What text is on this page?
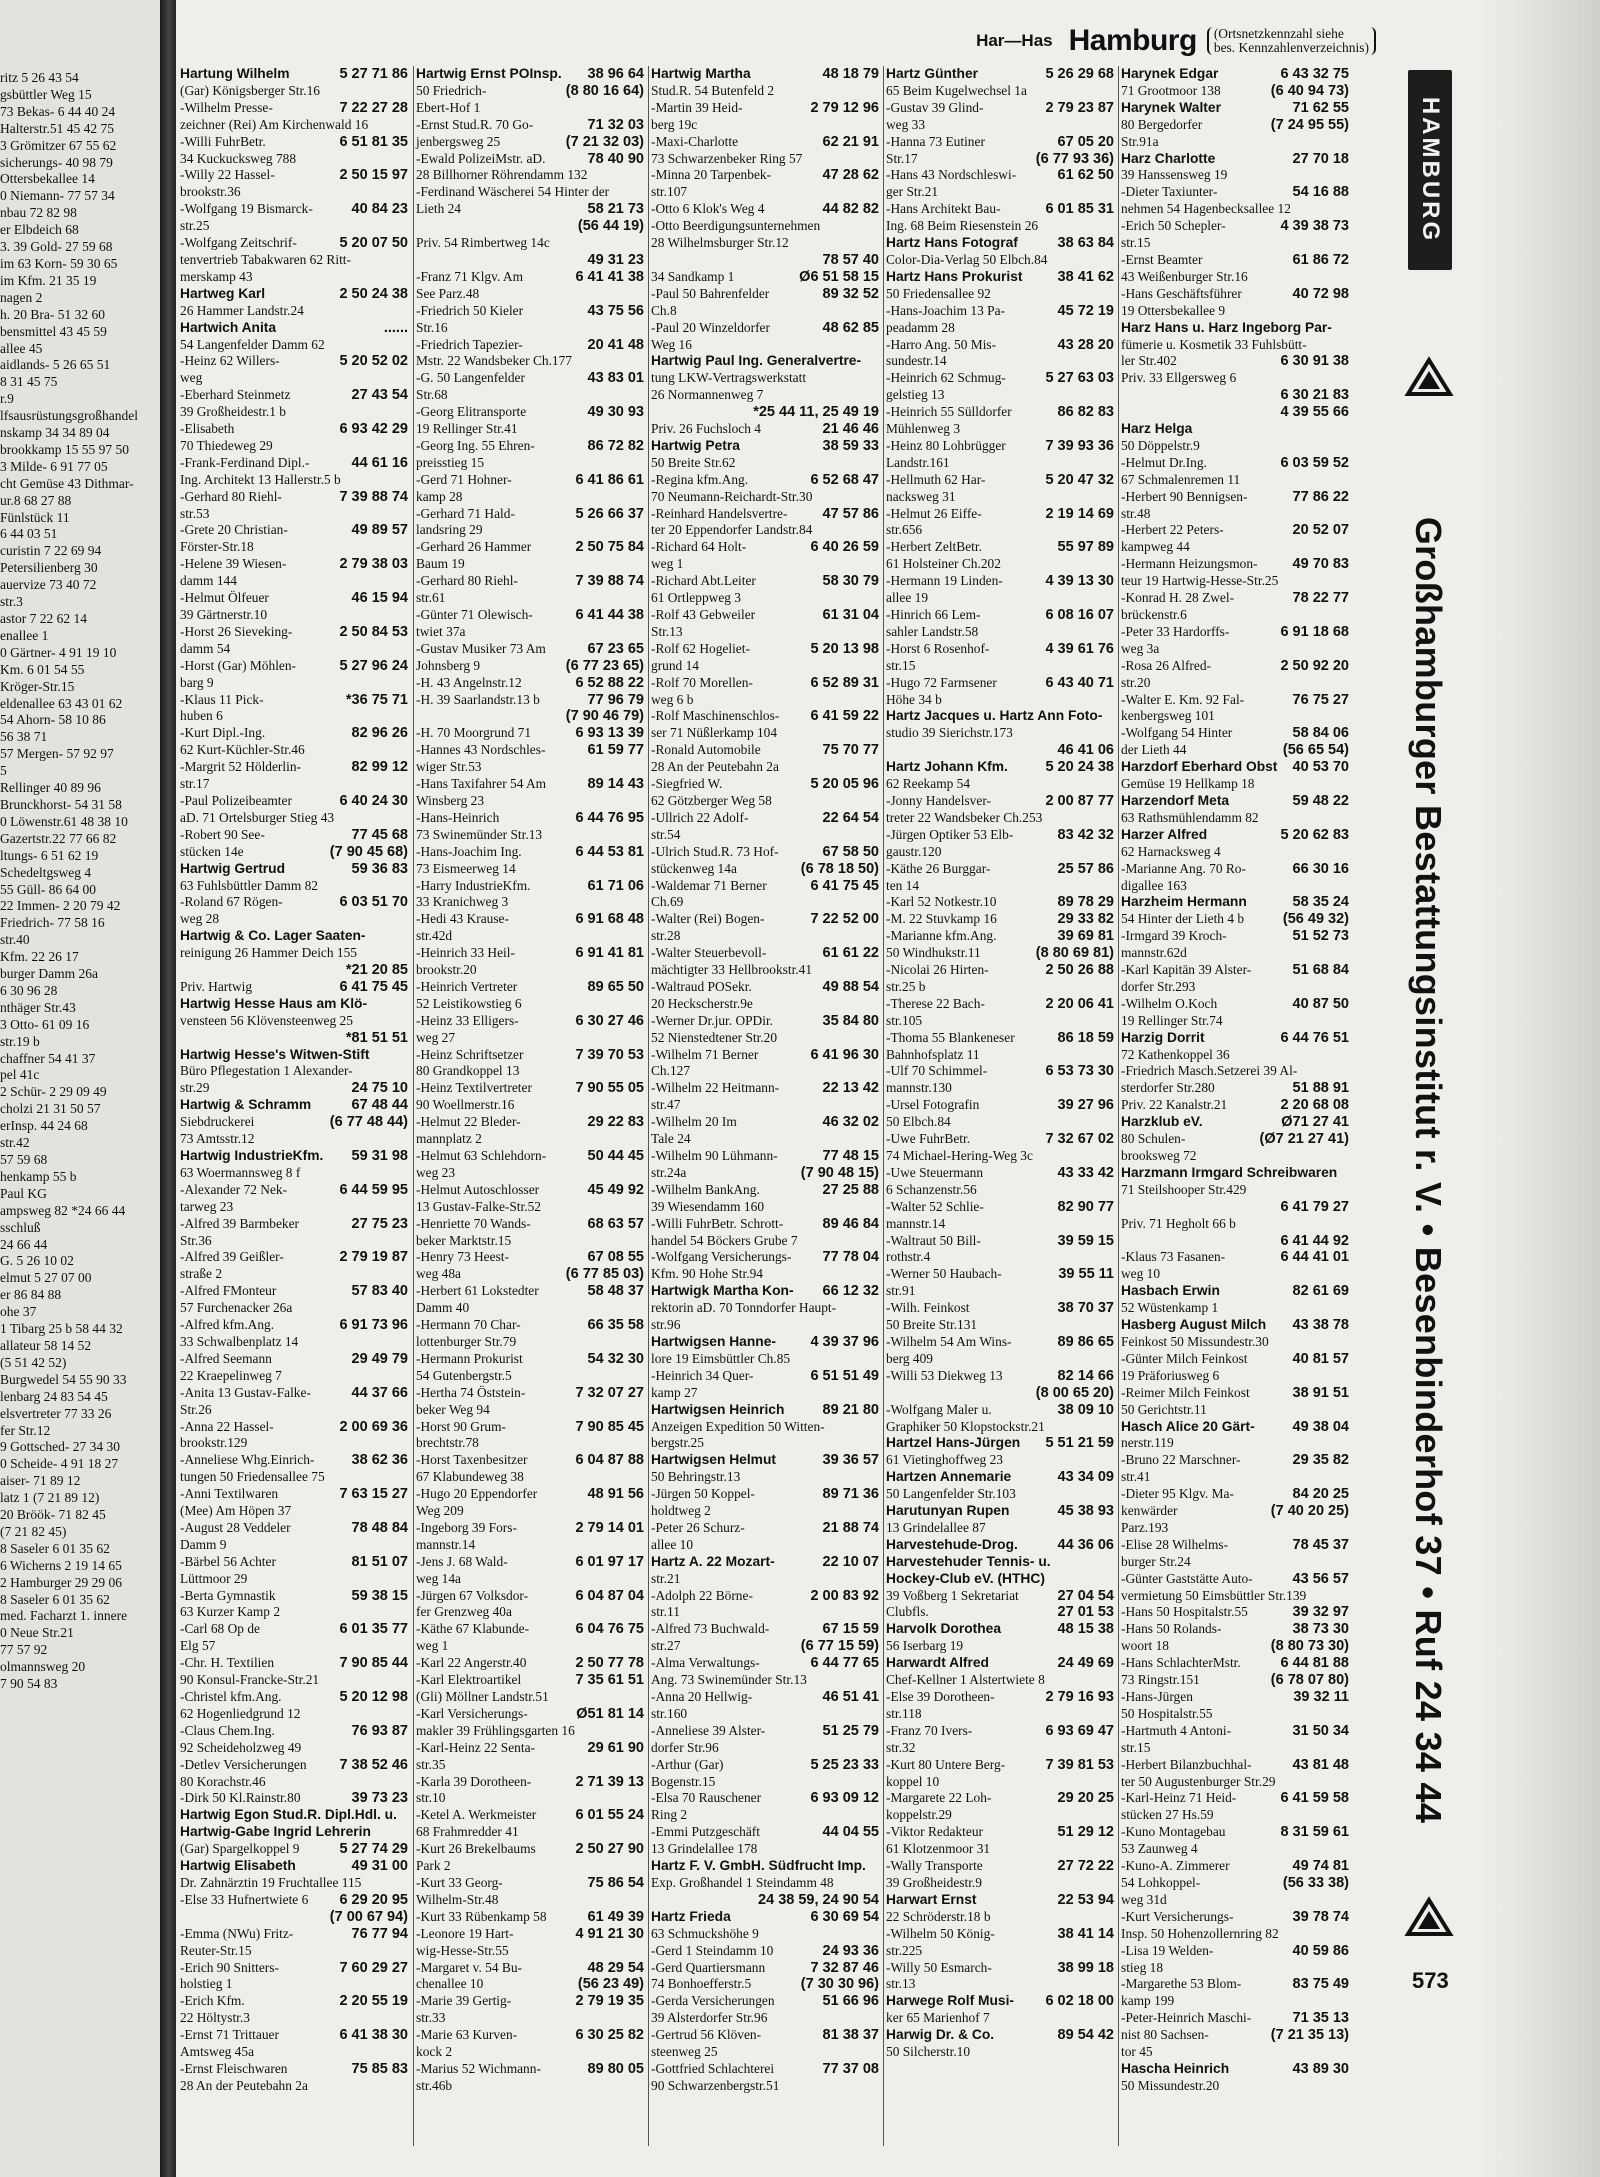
ritz 5 26 43 54
gsbüttler Weg 15
73 Bekas- 6 44 40 24
Halterstr.51 45 42 75
3 Grömitzer 67 55 62
sicherungs- 40 98 79
Ottersbekallee 14
0 Niemann- 77 57 34
nbau 72 82 98
er Elbdeich 68
3. 39 Gold- 27 59 68
im 63 Korn- 59 30 65
im Kfm. 21 35 19
nagen 2
h. 20 Bra- 51 32 60
bensmittel 43 45 59
allee 45
aidlands- 5 26 65 51
8 31 45 75
r.9
lfsausrüstungsgroßhandel
nskamp 34 34 89 04
brookkamp 15 55 97 50
3 Milde- 6 91 77 05
cht Gemüse 43 Dithmar-
ur.8 68 27 88
Fünlstück 11
6 44 03 51
curistin 7 22 69 94
Petersilienberg 30
auervize 73 40 72
str.3
astor 7 22 62 14
enallee 1
0 Gärtner- 4 91 19 10
Km. 6 01 54 55
Kröger-Str.15
eldenallee 63 43 01 62
54 Ahorn- 58 10 86
56 38 71
57 Mergen- 57 92 97
5
Rellinger 40 89 96
Brunckhorst- 54 31 58
0 Löwenstr.61 48 38 10
Gazertstr.22 77 66 82
ltungs- 6 51 62 19
Schedeltgsweg 4
55 Güll- 86 64 00
22 Immen- 2 20 79 42
Friedrich- 77 58 16
str.40
Kfm. 22 26 17
burger Damm 26a
6 30 96 28
nthäger Str.43
3 Otto- 61 09 16
str.19 b
chaffner 54 41 37
pel 41c
2 Schür- 2 29 09 49
cholzi 21 31 50 57
erInsp. 44 24 68
str.42
57 59 68
henkamp 55 b
Paul KG
ampsweg 82 *24 66 44
sschluß
24 66 44
G. 5 26 10 02
elmut 5 27 07 00
er 86 84 88
ohe 37
1 Tibarg 25 b 58 44 32
allateur 58 14 52
(5 51 42 52)
Burgwedel 54 55 90 33
lenbarg 24 83 54 45
elsvertreter 77 33 26
fer Str.12
9 Gottsched- 27 34 30
0 Scheide- 4 91 18 27
aiser- 71 89 12
latz 1 (7 21 89 12)
20 Bröök- 71 82 45
(7 21 82 45)
8 Saseler 6 01 35 62
6 Wicherns 2 19 14 65
2 Hamburger 29 29 06
8 Saseler 6 01 35 62
med. Facharzt 1. innere
0 Neue Str.21
77 57 92
olmannsweg 20
7 90 54 83
Har—Has Hamburg (Ortsnetzkennzahl siehe
bes. Kennzahlenverzeichnis)
Hartung Wilhelm	5 27 71 86
(Gar) Königsberger Str.16
-Wilhelm Presse-	7 22 27 28
zeichner (Rei) Am Kirchenwald 16
-Willi FuhrBetr.	6 51 81 35
34 Kuckucksweg 788
-Willy 22 Hassel-	2 50 15 97
brookstr.36
-Wolfgang 19 Bismarck-	40 84 23
str.25
-Wolfgang Zeitschrif-	5 20 07 50
tenvertrieb Tabakwaren 62 Ritt-
merskamp 43
Hartweg Karl	2 50 24 38
26 Hammer Landstr.24
Hartwich Anita	......
54 Langenfelder Damm 62
-Heinz 62 Willers-	5 20 52 02
weg
-Eberhard Steinmetz	27 43 54
39 Großheidestr.1 b
-Elisabeth	6 93 42 29
70 Thiedeweg 29
-Frank-Ferdinand Dipl.-	44 61 16
Ing. Architekt 13 Hallerstr.5 b
-Gerhard 80 Riehl-	7 39 88 74
str.53
-Grete 20 Christian-	49 89 57
Förster-Str.18
-Helene 39 Wiesen-	2 79 38 03
damm 144
-Helmut Ölfeuer	46 15 94
39 Gärtnerstr.10
-Horst 26 Sieveking-	2 50 84 53
damm 54
-Horst (Gar) Möhlen-	5 27 96 24
barg 9
-Klaus 11 Pick-	*36 75 71
huben 6
-Kurt Dipl.-Ing.	82 96 26
62 Kurt-Küchler-Str.46
-Margrit 52 Hölderlin-	82 99 12
str.17
-Paul Polizeibeamter	6 40 24 30
aD. 71 Ortelsburger Stieg 43
-Robert 90 See-	77 45 68
stücken 14e	(7 90 45 68)
Hartwig Gertrud	59 36 83
63 Fuhlsbüttler Damm 82
-Roland 67 Rögen-	6 03 51 70
weg 28
Hartwig & Co. Lager Saaten-
reinigung 26 Hammer Deich 155
*21 20 85
Priv. Hartwig	6 41 75 45
Hartwig Hesse Haus am Klö-
vensteen 56 Klövensteenweg 25
*81 51 51
Hartwig Hesse's Witwen-Stift
Büro Pflegestation 1 Alexander-
str.29	24 75 10
Hartwig & Schramm	67 48 44
Siebdruckerei	(6 77 48 44)
73 Amtsstr.12
Hartwig IndustrieKfm. 59 31 98
63 Woermannsweg 8 f
-Alexander 72 Nek-	6 44 59 95
tarweg 23
-Alfred 39 Barmbeker	27 75 23
Str.36
-Alfred 39 Geißler-	2 79 19 87
straße 2
-Alfred FMonteur	57 83 40
57 Furchenacker 26a
-Alfred kfm.Ang.	6 91 73 96
33 Schwalbenplatz 14
-Alfred Seemann	29 49 79
22 Kraepelinweg 7
-Anita 13 Gustav-Falke-	44 37 66
Str.26
-Anna 22 Hassel-	2 00 69 36
brookstr.129
-Anneliese Whg.Einrich-	38 62 36
tungen 50 Friedensallee 75
-Anni Textilwaren	7 63 15 27
(Mee) Am Höpen 37
-August 28 Veddeler	78 48 84
Damm 9
-Bärbel 56 Achter	81 51 07
Lüttmoor 29
-Berta Gymnastik	59 38 15
63 Kurzer Kamp 2
-Carl 68 Op de	6 01 35 77
Elg 57
-Chr. H. Textilien	7 90 85 44
90 Konsul-Francke-Str.21
-Christel kfm.Ang.	5 20 12 98
62 Hogenliedgrund 12
-Claus Chem.Ing.	76 93 87
92 Scheideholzweg 49
-Detlev Versicherungen 7 38 52 46
80 Korachstr.46
-Dirk 50 Kl.Rainstr.80	39 73 23
Hartwig Egon Stud.R. Dipl.Hdl. u.
Hartwig-Gabe Ingrid Lehrerin
(Gar) Spargelkoppel 9	5 27 74 29
Hartwig Elisabeth	49 31 00
Dr. Zahnärztin 19 Fruchtallee 115
-Else 33 Hufnertwiete 6 6 29 20 95
(7 00 67 94)
-Emma (NWu) Fritz-	76 77 94
Reuter-Str.15
-Erich 90 Snitters-	7 60 29 27
holstieg 1
-Erich Kfm.	2 20 55 19
22 Höltystr.3
-Ernst 71 Trittauer	6 41 38 30
Amtsweg 45a
-Ernst Fleischwaren	75 85 83
28 An der Peutebahn 2a
Hartwig Ernst POInsp. 38 96 64
50 Friedrich-	(8 80 16 64)
Ebert-Hof 1
-Ernst Stud.R. 70 Go-	71 32 03
jenbergsweg 25	(7 21 32 03)
-Ewald PolizeiMstr. aD.	78 40 90
28 Billhorner Röhrendamm 132
-Ferdinand Wäscherei 54 Hinter der
Lieth 24	58 21 73
(56 44 19)
Priv. 54 Rimbertweg 14c
49 31 23
-Franz 71 Klgv. Am	6 41 41 38
See Parz.48
-Friedrich 50 Kieler	43 75 56
Str.16
-Friedrich Tapezier-	20 41 48
Mstr. 22 Wandsbeker Ch.177
-G. 50 Langenfelder	43 83 01
Str.68
-Georg Elitransporte	49 30 93
19 Rellinger Str.41
-Georg Ing. 55 Ehren-	86 72 82
preisstieg 15
-Gerd 71 Hohner-	6 41 86 61
kamp 28
-Gerhard 71 Hald-	5 26 66 37
landsring 29
-Gerhard 26 Hammer	2 50 75 84
Baum 19
-Gerhard 80 Riehl-	7 39 88 74
str.61
-Günter 71 Olewisch-	6 41 44 38
twiet 37a
-Gustav Musiker 73 Am	67 23 65
Johnsberg 9	(6 77 23 65)
-H. 43 Angelnstr.12	6 52 88 22
-H. 39 Saarlandstr.13 b	77 96 79
(7 90 46 79)
-H. 70 Moorgrund 71	6 93 13 39
-Hannes 43 Nordschles-	61 59 77
wiger Str.53
-Hans Taxifahrer 54 Am	89 14 43
Winsberg 23
-Hans-Heinrich	6 44 76 95
73 Swinemünder Str.13
-Hans-Joachim Ing.	6 44 53 81
73 Eismeerweg 14
-Harry IndustrieKfm.	61 71 06
33 Kranichweg 3
-Hedi 43 Krause-	6 91 68 48
str.42d
-Heinrich 33 Heil-	6 91 41 81
brookstr.20
-Heinrich Vertreter	89 65 50
52 Leistikowstieg 6
-Heinz 33 Elligers-	6 30 27 46
weg 27
-Heinz Schriftsetzer	7 39 70 53
80 Grandkoppel 13
-Heinz Textilvertreter	7 90 55 05
90 Woellmerstr.16
-Helmut 22 Bleder-	29 22 83
mannplatz 2
-Helmut 63 Schlehdorn-	50 44 45
weg 23
-Helmut Autoschlosser	45 49 92
13 Gustav-Falke-Str.52
-Henriette 70 Wands-	68 63 57
beker Marktstr.15
-Henry 73 Heest-	67 08 55
weg 48a	(6 77 85 03)
-Herbert 61 Lokstedter	58 48 37
Damm 40
-Hermann 70 Char-	66 35 58
lottenburger Str.79
-Hermann Prokurist	54 32 30
54 Gutenbergstr.5
-Hertha 74 Öststein-	7 32 07 27
beker Weg 94
-Horst 90 Grum-	7 90 85 45
brechtstr.78
-Horst Taxenbesitzer	6 04 87 88
67 Klabundeweg 38
-Hugo 20 Eppendorfer	48 91 56
Weg 209
-Ingeborg 39 Fors-	2 79 14 01
mannstr.14
-Jens J. 68 Wald-	6 01 97 17
weg 14a
-Jürgen 67 Volksdor-	6 04 87 04
fer Grenzweg 40a
-Käthe 67 Klabunde-	6 04 76 75
weg 1
-Karl 22 Angerstr.40	2 50 77 78
-Karl Elektroartikel	7 35 61 51
(Gli) Möllner Landstr.51
-Karl Versicherungs-	Ø51 81 14
makler 39 Frühlingsgarten 16
-Karl-Heinz 22 Senta-	29 61 90
str.35
-Karla 39 Dorotheen-	2 71 39 13
str.10
-Ketel A. Werkmeister	6 01 55 24
68 Frahmredder 41
-Kurt 26 Brekelbaums	2 50 27 90
Park 2
-Kurt 33 Georg-	75 86 54
Wilhelm-Str.48
-Kurt 33 Rübenkamp 58	61 49 39
-Leonore 19 Hart-	4 91 21 30
wig-Hesse-Str.55
-Margaret v. 54 Bu-	48 29 54
chenallee 10	(56 23 49)
-Marie 39 Gertig-	2 79 19 35
str.33
-Marie 63 Kurven-	6 30 25 82
kock 2
-Marius 52 Wichmann-	89 80 05
str.46b
Hartwig Martha	48 18 79
Stud.R. 54 Butenfeld 2
-Martin 39 Heid-	2 79 12 96
berg 19c
-Maxi-Charlotte	62 21 91
73 Schwarzenbeker Ring 57
-Minna 20 Tarpenbek-	47 28 62
str.107
-Otto 6 Klok's Weg 4	44 82 82
-Otto Beerdigungsunternehmen
28 Wilhelmsburger Str.12
78 57 40
34 Sandkamp 1	Ø6 51 58 15
-Paul 50 Bahrenfelder	89 32 52
Ch.8
-Paul 20 Winzeldorfer	48 62 85
Weg 16
Hartwig Paul Ing. Generalvertre-
tung LKW-Vertragswerkstatt
26 Normannenweg 7
*25 44 11, 25 49 19
Priv. 26 Fuchsloch 4	21 46 46
Hartwig Petra	38 59 33
50 Breite Str.62
-Regina kfm.Ang.	6 52 68 47
70 Neumann-Reichardt-Str.30
-Reinhard Handelsvertre- 47 57 86
ter 20 Eppendorfer Landstr.84
-Richard 64 Holt-	6 40 26 59
weg 1
-Richard Abt.Leiter	58 30 79
61 Ortleppweg 3
-Rolf 43 Gebweiler	61 31 04
Str.13
-Rolf 62 Hogeliet-	5 20 13 98
grund 14
-Rolf 70 Morellen-	6 52 89 31
weg 6 b
-Rolf Maschinenschlos- 6 41 59 22
ser 71 Nüßlerkamp 104
-Ronald Automobile	75 70 77
28 An der Peutebahn 2a
-Siegfried W.	5 20 05 96
62 Götzberger Weg 58
-Ullrich 22 Adolf-	22 64 54
str.54
-Ulrich Stud.R. 73 Hof-	67 58 50
stückenweg 14a	(6 78 18 50)
-Waldemar 71 Berner	6 41 75 45
Ch.69
-Walter (Rei) Bogen-	7 22 52 00
str.28
-Walter Steuerbevoll-	61 61 22
mächtigter 33 Hellbrookstr.41
-Waltraud POSekr.	49 88 54
20 Heckscherstr.9e
-Werner Dr.jur. OPDir.	35 84 80
52 Nienstedtener Str.20
-Wilhelm 71 Berner	6 41 96 30
Ch.127
-Wilhelm 22 Heitmann-	22 13 42
str.47
-Wilhelm 20 Im	46 32 02
Tale 24
-Wilhelm 90 Lühmann-	77 48 15
str.24a	(7 90 48 15)
-Wilhelm BankAng.	27 25 88
39 Wiesendamm 160
-Willi FuhrBetr. Schrott-	89 46 84
handel 54 Böckers Grube 7
-Wolfgang Versicherungs- 77 78 04
Kfm. 90 Hohe Str.94
Hartwigk Martha Kon- 66 12 32
rektorin aD. 70 Tonndorfer Haupt-
str.96
Hartwigsen Hanne- 4 39 37 96
lore 19 Eimsbüttler Ch.85
-Heinrich 34 Quer-	6 51 51 49
kamp 27
Hartwigsen Heinrich	89 21 80
Anzeigen Expedition 50 Witten-
bergstr.25
Hartwigsen Helmut	39 36 57
50 Behringstr.13
-Jürgen 50 Koppel-	89 71 36
holdtweg 2
-Peter 26 Schurz-	21 88 74
allee 10
Hartz A. 22 Mozart-	22 10 07
str.21
-Adolph 22 Börne-	2 00 83 92
str.11
-Alfred 73 Buchwald-	67 15 59
str.27	(6 77 15 59)
-Alma Verwaltungs-	6 44 77 65
Ang. 73 Swinemünder Str.13
-Anna 20 Hellwig-	46 51 41
str.160
-Anneliese 39 Alster-	51 25 79
dorfer Str.96
-Arthur (Gar)	5 25 23 33
Bogenstr.15
-Elsa 70 Rauschener	6 93 09 12
Ring 2
-Emmi Putzgeschäft	44 04 55
13 Grindelallee 178
Hartz F. V. GmbH. Südfrucht Imp.
Exp. Großhandel 1 Steindamm 48
24 38 59, 24 90 54
Hartz Frieda	6 30 69 54
63 Schmuckshöhe 9
-Gerd 1 Steindamm 10	24 93 36
-Gerd Quartiersmann	7 32 87 46
74 Bonhoefferstr.5	(7 30 30 96)
-Gerda Versicherungen	51 66 96
39 Alsterdorfer Str.96
-Gertrud 56 Klöven-	81 38 37
steenweg 25
-Gottfried Schlachterei	77 37 08
90 Schwarzenbergstr.51
Hartz Günther	5 26 29 68
65 Beim Kugelwechsel 1a
-Gustav 39 Glind-	2 79 23 87
weg 33
-Hanna 73 Eutiner	67 05 20
Str.17	(6 77 93 36)
-Hans 43 Nordschleswi-	61 62 50
ger Str.21
-Hans Architekt Bau-	6 01 85 31
Ing. 68 Beim Riesenstein 26
Hartz Hans Fotograf	38 63 84
Color-Dia-Verlag 50 Elbch.84
Hartz Hans Prokurist 38 41 62
50 Friedensallee 92
-Hans-Joachim 13 Pa-	45 72 19
peadamm 28
-Harro Ang. 50 Mis-	43 28 20
sundestr.14
-Heinrich 62 Schmug-	5 27 63 03
gelstieg 13
-Heinrich 55 Sülldorfer	86 82 83
Mühlenweg 3
-Heinz 80 Lohbrügger	7 39 93 36
Landstr.161
-Hellmuth 62 Har-	5 20 47 32
nacksweg 31
-Helmut 26 Eiffe-	2 19 14 69
str.656
-Herbert ZeltBetr.	55 97 89
61 Holsteiner Ch.202
-Hermann 19 Linden-	4 39 13 30
allee 19
-Hinrich 66 Lem-	6 08 16 07
sahler Landstr.58
-Horst 6 Rosenhof-	4 39 61 76
str.15
-Hugo 72 Farmsener	6 43 40 71
Höhe 34 b
Hartz Jacques u. Hartz Ann Foto-
studio 39 Sierichstr.173
46 41 06
Hartz Johann Kfm.	5 20 24 38
62 Reekamp 54
-Jonny Handelsver-	2 00 87 77
treter 22 Wandsbeker Ch.253
-Jürgen Optiker 53 Elb-	83 42 32
gaustr.120
-Käthe 26 Burggar-	25 57 86
ten 14
-Karl 52 Notkestr.10	89 78 29
-M. 22 Stuvkamp 16	29 33 82
-Marianne kfm.Ang.	39 69 81
50 Windhukstr.11	(8 80 69 81)
-Nicolai 26 Hirten-	2 50 26 88
str.25 b
-Therese 22 Bach-	2 20 06 41
str.105
-Thoma 55 Blankeneser	86 18 59
Bahnhofsplatz 11
-Ulf 70 Schimmel-	6 53 73 30
mannstr.130
-Ursel Fotografin	39 27 96
50 Elbch.84
-Uwe FuhrBetr.	7 32 67 02
74 Michael-Hering-Weg 3c
-Uwe Steuermann	43 33 42
6 Schanzenstr.56
-Walter 52 Schlie-	82 90 77
mannstr.14
-Waltraut 50 Bill-	39 59 15
rothstr.4
-Werner 50 Haubach-	39 55 11
str.91
-Wilh. Feinkost	38 70 37
50 Breite Str.131
-Wilhelm 54 Am Wins-	89 86 65
berg 409
-Willi 53 Diekweg 13	82 14 66
(8 00 65 20)
-Wolfgang Maler u.	38 09 10
Graphiker 50 Klopstockstr.21
Hartzel Hans-Jürgen 5 51 21 59
61 Vietinghoffweg 23
Hartzen Annemarie	43 34 09
50 Langenfelder Str.103
Harutunyan Rupen	45 38 93
13 Grindelallee 87
Harvestehude-Drog.	44 36 06
Harvestehuder Tennis- u.
Hockey-Club eV. (HTHC)
39 Voßberg 1 Sekretariat	27 04 54
Clubfls.	27 01 53
Harvolk Dorothea	48 15 38
56 Iserbarg 19
Harwardt Alfred	24 49 69
Chef-Kellner 1 Alstertwiete 8
-Else 39 Dorotheen-	2 79 16 93
str.118
-Franz 70 Ivers-	6 93 69 47
str.32
-Kurt 80 Untere Berg-	7 39 81 53
koppel 10
-Margarete 22 Loh-	29 20 25
koppelstr.29
-Viktor Redakteur	51 29 12
61 Klotzenmoor 31
-Wally Transporte	27 72 22
39 Großheidestr.9
Harwart Ernst	22 53 94
22 Schröderstr.18 b
-Wilhelm 50 König-	38 41 14
str.225
-Willy 50 Esmarch-	38 99 18
str.13
Harwege Rolf Musi- 6 02 18 00
ker 65 Marienhof 7
Harwig Dr. & Co.	89 54 42
50 Silcherstr.10
Harynek Edgar	6 43 32 75
71 Grootmoor 138	(6 40 94 73)
Harynek Walter	71 62 55
80 Bergedorfer	(7 24 95 55)
Str.91a
Harz Charlotte	27 70 18
39 Hanssensweg 19
-Dieter Taxiunter-	54 16 88
nehmen 54 Hagenbecksallee 12
-Erich 50 Schepler-	4 39 38 73
str.15
-Ernst Beamter	61 86 72
43 Weißenburger Str.16
-Hans Geschäftsführer	40 72 98
19 Ottersbekallee 9
Harz Hans u. Harz Ingeborg Par-
fümerie u. Kosmetik 33 Fuhlsbütt-
ler Str.402	6 30 91 38
Priv. 33 Ellgersweg 6
6 30 21 83
4 39 55 66
Harz Helga
50 Döppelstr.9
-Helmut Dr.Ing.	6 03 59 52
67 Schmalenremen 11
-Herbert 90 Bennigsen-	77 86 22
str.48
-Herbert 22 Peters-	20 52 07
kampweg 44
-Hermann Heizungsmon- 49 70 83
teur 19 Hartwig-Hesse-Str.25
-Konrad H. 28 Zwel-	78 22 77
brückenstr.6
-Peter 33 Hardorffs-	6 91 18 68
weg 3a
-Rosa 26 Alfred-	2 50 92 20
str.20
-Walter E. Km. 92 Fal-	76 75 27
kenbergsweg 101
-Wolfgang 54 Hinter	58 84 06
der Lieth 44	(56 65 54)
Harzdorf Eberhard Obst 40 53 70
Gemüse 19 Hellkamp 18
Harzendorf Meta	59 48 22
63 Rathsmühlendamm 82
Harzer Alfred	5 20 62 83
62 Harnacksweg 4
-Marianne Ang. 70 Ro-	66 30 16
digallee 163
Harzheim Hermann	58 35 24
54 Hinter der Lieth 4 b	(56 49 32)
-Irmgard 39 Kroch-	51 52 73
mannstr.62d
-Karl Kapitän 39 Alster-	51 68 84
dorfer Str.293
-Wilhelm O.Koch	40 87 50
19 Rellinger Str.74
Harzig Dorrit	6 44 76 51
72 Kathenkoppel 36
-Friedrich Masch.Setzerei 39 Al-
sterdorfer Str.280	51 88 91
Priv. 22 Kanalstr.21	2 20 68 08
Harzklub eV.	Ø71 27 41
80 Schulen-	(Ø7 21 27 41)
brooksweg 72
Harzmann Irmgard Schreibwaren
71 Steilshooper Str.429
6 41 79 27
Priv. 71 Hegholt 66 b
6 41 44 92
-Klaus 73 Fasanen-	6 44 41 01
weg 10
Hasbach Erwin	82 61 69
52 Wüstenkamp 1
Hasberg August Milch 43 38 78
Feinkost 50 Missundestr.30
-Günter Milch Feinkost	40 81 57
19 Präforiusweg 6
-Reimer Milch Feinkost	38 91 51
50 Gerichtstr.11
Hasch Alice 20 Gärt-	49 38 04
nerstr.119
-Bruno 22 Marschner-	29 35 82
str.41
-Dieter 95 Klgv. Ma-	84 20 25
kenwärder	(7 40 20 25)
Parz.193
-Elise 28 Wilhelms-	78 45 37
burger Str.24
-Günter Gaststätte Auto-	43 56 57
vermietung 50 Eimsbüttler Str.139
-Hans 50 Hospitalstr.55	39 32 97
-Hans 50 Rolands-	38 73 30
woort 18	(8 80 73 30)
-Hans SchlachterMstr.	6 44 81 88
73 Ringstr.151	(6 78 07 80)
-Hans-Jürgen	39 32 11
50 Hospitalstr.55
-Hartmuth 4 Antoni-	31 50 34
str.15
-Herbert Bilanzbuchhal-	43 81 48
ter 50 Augustenburger Str.29
-Karl-Heinz 71 Heid-	6 41 59 58
stücken 27 Hs.59
-Kuno Montagebau	8 31 59 61
53 Zaunweg 4
-Kuno-A. Zimmerer	49 74 81
54 Lohkoppel-	(56 33 38)
weg 31d
-Kurt Versicherungs-	39 78 74
Insp. 50 Hohenzollernring 82
-Lisa 19 Welden-	40 59 86
stieg 18
-Margarethe 53 Blom-	83 75 49
kamp 199
-Peter-Heinrich Maschi-	71 35 13
nist 80 Sachsen-	(7 21 35 13)
tor 45
Hascha Heinrich	43 89 30
50 Missundestr.20
HAMBURG
Großhamburger Bestattungsinstitut r. V. • Besenbinderhof 37 • Ruf 24 34 44
573
